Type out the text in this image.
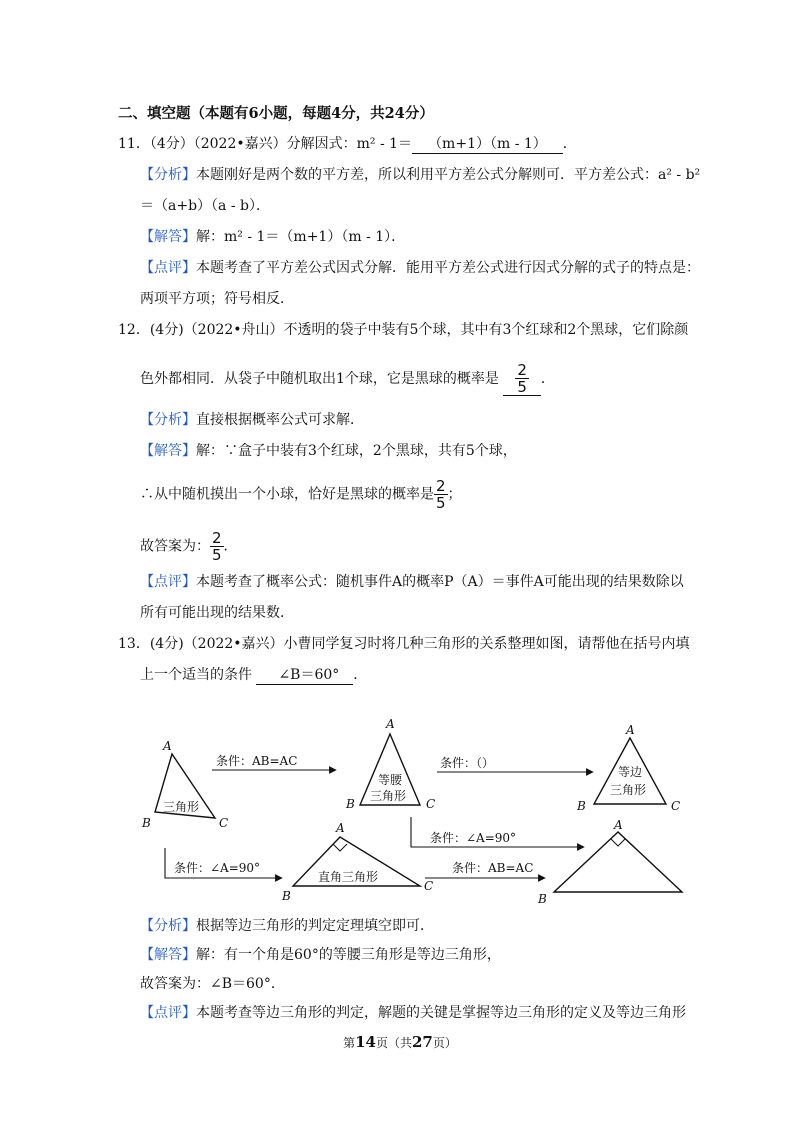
二、填空题（本题有6小题，每题4分，共24分）
11．（4分）（2022•嘉兴）分解因式：m² - 1＝ （m+1）（m - 1） ．
【分析】本题刚好是两个数的平方差，所以利用平方差公式分解则可．平方差公式：a² - b²
＝（a+b）（a - b）．
【解答】解：m² - 1＝（m+1）（m - 1）．
【点评】本题考查了平方差公式因式分解．能用平方差公式进行因式分解的式子的特点是：
两项平方项；符号相反．
12．(4分)（2022•舟山）不透明的袋子中装有5个球，其中有3个红球和2个黑球，它们除颜
色外都相同．从袋子中随机取出1个球，它是黑球的概率是 $\frac{2}{5}$ ．
【分析】直接根据概率公式可求解．
【解答】解：∵盒子中装有3个红球，2个黑球，共有5个球，
∴从中随机摸出一个小球，恰好是黑球的概率是 $\frac{2}{5}$ ；
故答案为： $\frac{2}{5}$ ．
【点评】本题考查了概率公式：随机事件A的概率P（A）＝事件A可能出现的结果数除以
所有可能出现的结果数．
13．(4分)（2022•嘉兴）小曹同学复习时将几种三角形的关系整理如图，请帮他在括号内填
上一个适当的条件 ∠B＝60° ．
A
B	C
三角形
条件：AB=AC
A
B	C
等腰
三角形
条件：（）
A
B	C
等边
三角形
条件：∠A=90°
条件：∠A=90°
A
B
C
直角三角形
条件：AB=AC
A
B
【分析】根据等边三角形的判定定理填空即可．
【解答】解：有一个角是60°的等腰三角形是等边三角形，
故答案为：∠B＝60°．
【点评】本题考查等边三角形的判定，解题的关键是掌握等边三角形的定义及等边三角形
第14页（共27页）
